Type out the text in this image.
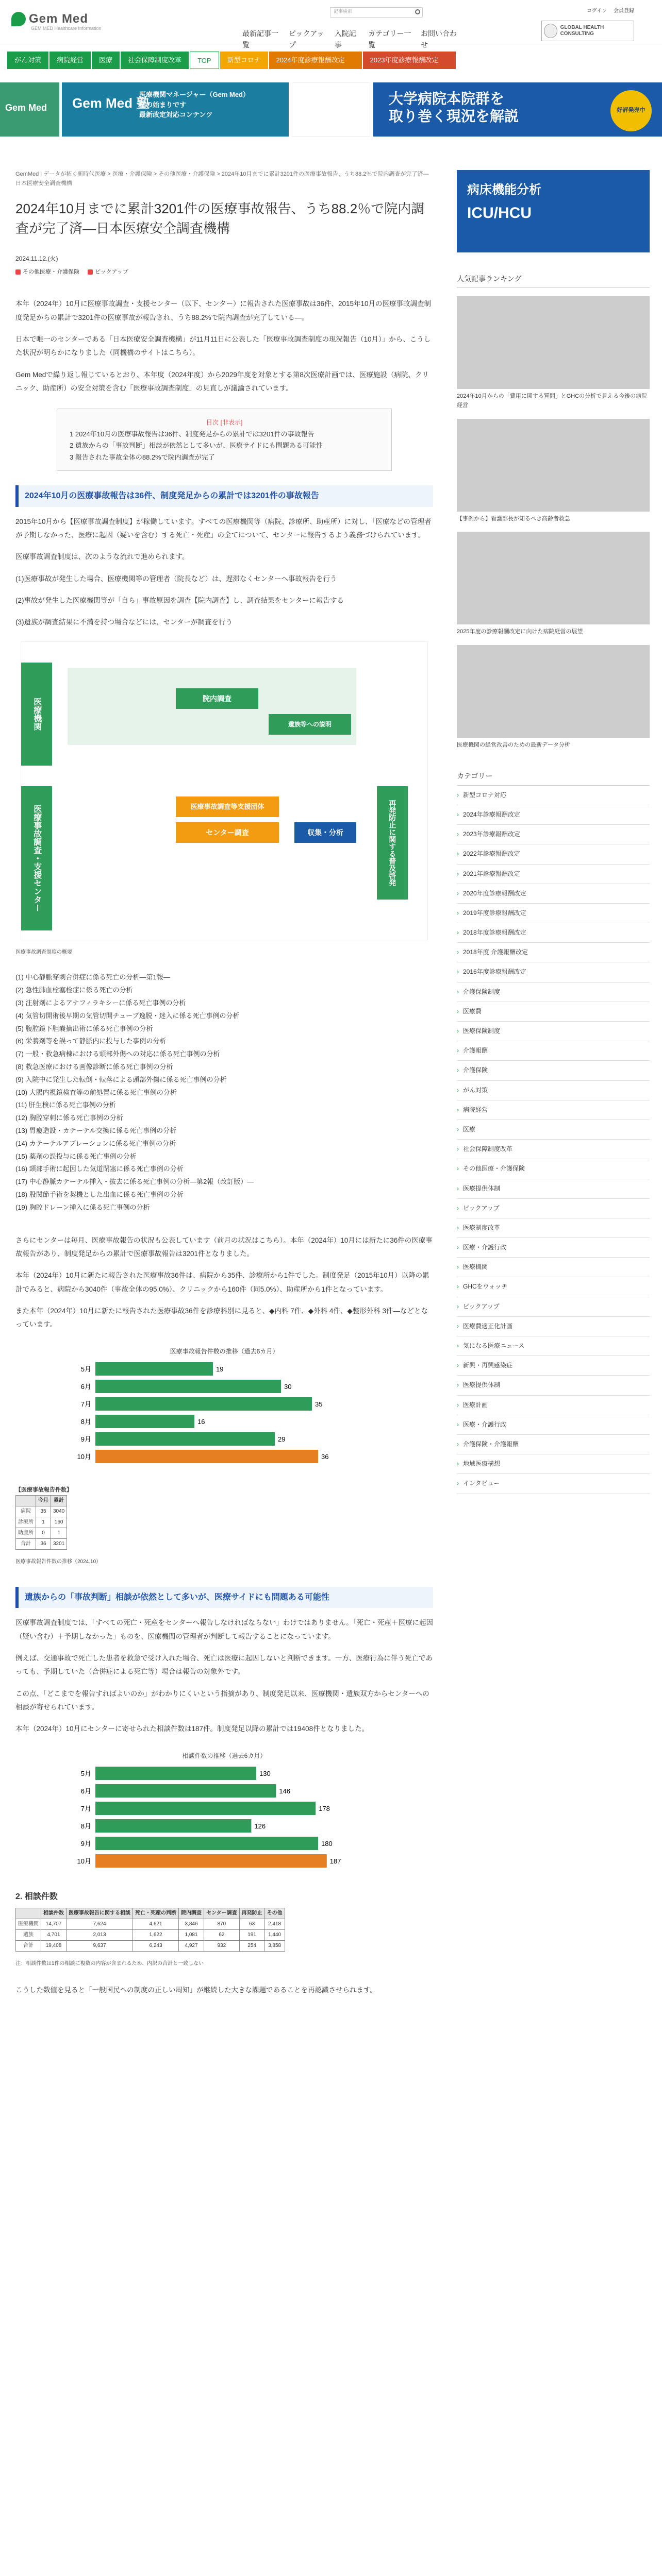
Gem Med
GEM MED Healthcare Information
記事検索
最新記事一覧
ピックアップ
入院記事
カテゴリー一覧
お問い合わせ
ログイン 会員登録
GLOBAL HEALTH CONSULTING
がん対策	病院経営	医療	社会保障制度改革	TOP	新型コロナ	2024年度診療報酬改定	2023年度診療報酬改定
Gem Med Gem Med 塾
医療機関マネージャー（Gem Med）
塾の始まりです
最新改定対応コンテンツ
大学病院本院群を
取り巻く現況を解説	好評発売中
GemMed | データが拓く新時代医療 > 医療・介護保険 > その他医療・介護保険 > 2024年10月までに累計3201件の医療事故報告、うち88.2％で院内調査が完了済—日本医療安全調査機構
2024年10月までに累計3201件の医療事故報告、うち88.2％で院内調査が完了済—日本医療安全調査機構
2024.11.12.(火)
その他医療・介護保険	ピックアップ

本年（2024年）10月に医療事故調査・支援センター（以下、センター）に報告された医療事故は36件、2015年10月の医療事故調査制度発足からの累計で3201件の医療事故が報告され、うち88.2%で院内調査が完了している―。

日本で唯一のセンターである「日本医療安全調査機構」が11月11日に公表した「医療事故調査制度の現況報告（10月）」から、こうした状況が明らかになりました（同機構のサイトはこちら）。

Gem Medで繰り返し報じているとおり、本年度（2024年度）から2029年度を対象とする第8次医療計画では、医療施設（病院、クリニック、助産所）の安全対策を含む「医療事故調査制度」の見直しが議論されています。

目次 [非表示]
1 2024年10月の医療事故報告は36件、制度発足からの累計では3201件の事故報告
2 遺族からの「事故判断」相談が依然として多いが、医療サイドにも問題ある可能性
3 報告された事故全体の88.2%で院内調査が完了
2024年10月の医療事故報告は36件、制度発足からの累計では3201件の事故報告

2015年10月から【医療事故調査制度】が稼働しています。すべての医療機関等（病院、診療所、助産所）に対し、「医療などの管理者が予期しなかった、医療に起因（疑いを含む）する死亡・死産」の全てについて、センターに報告するよう義務づけられています。

医療事故調査制度は、次のような流れで進められます。

(1)医療事故が発生した場合、医療機関等の管理者（院長など）は、遅滞なくセンターへ事故報告を行う

(2)事故が発生した医療機関等が「自ら」事故原因を調査【院内調査】し、調査結果をセンターに報告する

(3)遺族が調査結果に不満を持つ場合などには、センターが調査を行う

医療機関
医療事故調査・支援センター
院内調査
遺族等への説明
医療事故調査等支援団体
センター調査	収集・分析	再発防止に関する普及啓発
医療事故調査制度の概要
(1) 中心静脈穿刺合併症に係る死亡の分析―第1報―
(2) 急性肺血栓塞栓症に係る死亡の分析
(3) 注射剤によるアナフィラキシーに係る死亡事例の分析
(4) 気管切開術後早期の気管切開チューブ逸脱・迷入に係る死亡事例の分析
(5) 腹腔鏡下胆嚢摘出術に係る死亡事例の分析
(6) 栄養剤等を誤って静脈内に投与した事例の分析
(7) 一般・救急病棟における頭部外傷への対応に係る死亡事例の分析
(8) 救急医療における画像診断に係る死亡事例の分析
(9) 入院中に発生した転倒・転落による頭部外傷に係る死亡事例の分析
(10) 大腸内視鏡検査等の前処置に係る死亡事例の分析
(11) 肝生検に係る死亡事例の分析
(12) 胸腔穿刺に係る死亡事例の分析
(13) 胃瘻造設・カテーテル交換に係る死亡事例の分析
(14) カテーテルアブレーションに係る死亡事例の分析
(15) 薬剤の誤投与に係る死亡事例の分析
(16) 頸部手術に起因した気道閉塞に係る死亡事例の分析
(17) 中心静脈カテーテル挿入・抜去に係る死亡事例の分析―第2報（改訂版）―
(18) 股関節手術を契機とした出血に係る死亡事例の分析
(19) 胸腔ドレーン挿入に係る死亡事例の分析

さらにセンターは毎月、医療事故報告の状況も公表しています（前月の状況はこちら）。本年（2024年）10月には新たに36件の医療事故報告があり、制度発足からの累計で医療事故報告は3201件となりました。

本年（2024年）10月に新たに報告された医療事故36件は、病院から35件、診療所から1件でした。制度発足（2015年10月）以降の累計でみると、病院から3040件（事故全体の95.0%）、クリニックから160件（同5.0%）、助産所から1件となっています。

また本年（2024年）10月に新たに報告された医療事故36件を診療科別に見ると、◆内科 7件、◆外科 4件、◆整形外科 3件―などとなっています。

医療事故報告件数の推移（過去6カ月）
5月	19
6月	30
7月	35
8月	16
9月	29
10月	36
【医療事故報告件数】
	今月	累計
病院	35	3040
診療所	1	160
助産所	0	1
合計	36	3201
医療事故報告件数の推移（2024.10）
遺族からの「事故判断」相談が依然として多いが、医療サイドにも問題ある可能性

医療事故調査制度では、「すべての死亡・死産をセンターへ報告しなければならない」わけではありません。「死亡・死産＋医療に起因（疑い含む）＋予期しなかった」ものを、医療機関の管理者が判断して報告することになっています。

例えば、交通事故で死亡した患者を救急で受け入れた場合、死亡は医療に起因しないと判断できます。一方、医療行為に伴う死亡であっても、予期していた（合併症による死亡等）場合は報告の対象外です。

この点、「どこまでを報告すればよいのか」がわかりにくいという指摘があり、制度発足以来、医療機関・遺族双方からセンターへの相談が寄せられています。

本年（2024年）10月にセンターに寄せられた相談件数は187件。制度発足以降の累計では19408件となりました。

相談件数の推移（過去6カ月）
5月	130
6月	146
7月	178
8月	126
9月	180
10月	187
2. 相談件数
	相談件数	医療事故報告に関する相談	死亡・死産の判断	院内調査	センター調査	再発防止	その他
医療機関	14,707	7,624	4,621	3,846	870	63	2,418
遺族	4,701	2,013	1,622	1,081	62	191	1,440
合計	19,408	9,637	6,243	4,927	932	254	3,858
注：相談件数は1件の相談に複数の内容が含まれるため、内訳の合計と一致しない

こうした数値を見ると「一般国民への制度の正しい周知」が継続した大きな課題であることを再認識させられます。

病床機能分析
ICU/HCU
人気記事ランキング
2024年10月からの「費用に関する質問」とGHCの分析で見える今後の病院経営
【事例から】看護部長が知るべき高齢者救急
2025年度の診療報酬改定に向けた病院経営の展望
医療機関の経営改善のための最新データ分析
カテゴリー
› 新型コロナ対応
› 2024年診療報酬改定
› 2023年診療報酬改定
› 2022年診療報酬改定
› 2021年診療報酬改定
› 2020年度診療報酬改定
› 2019年度診療報酬改定
› 2018年度診療報酬改定
› 2018年度 介護報酬改定
› 2016年度診療報酬改定
› 介護保険制度
› 医療費
› 医療保険制度
› 介護報酬
› 介護保険
› がん対策
› 病院経営
› 医療
› 社会保障制度改革
› その他医療・介護保険
› 医療提供体制
› ピックアップ
› 医療制度改革
› 医療・介護行政
› 医療機関
› GHCをウォッチ
› ピックアップ
› 医療費適正化計画
› 気になる医療ニュース
› 新興・再興感染症
› 医療提供体制
› 医療計画
› 医療・介護行政
› 介護保険・介護報酬
› 地域医療構想
› インタビュー
